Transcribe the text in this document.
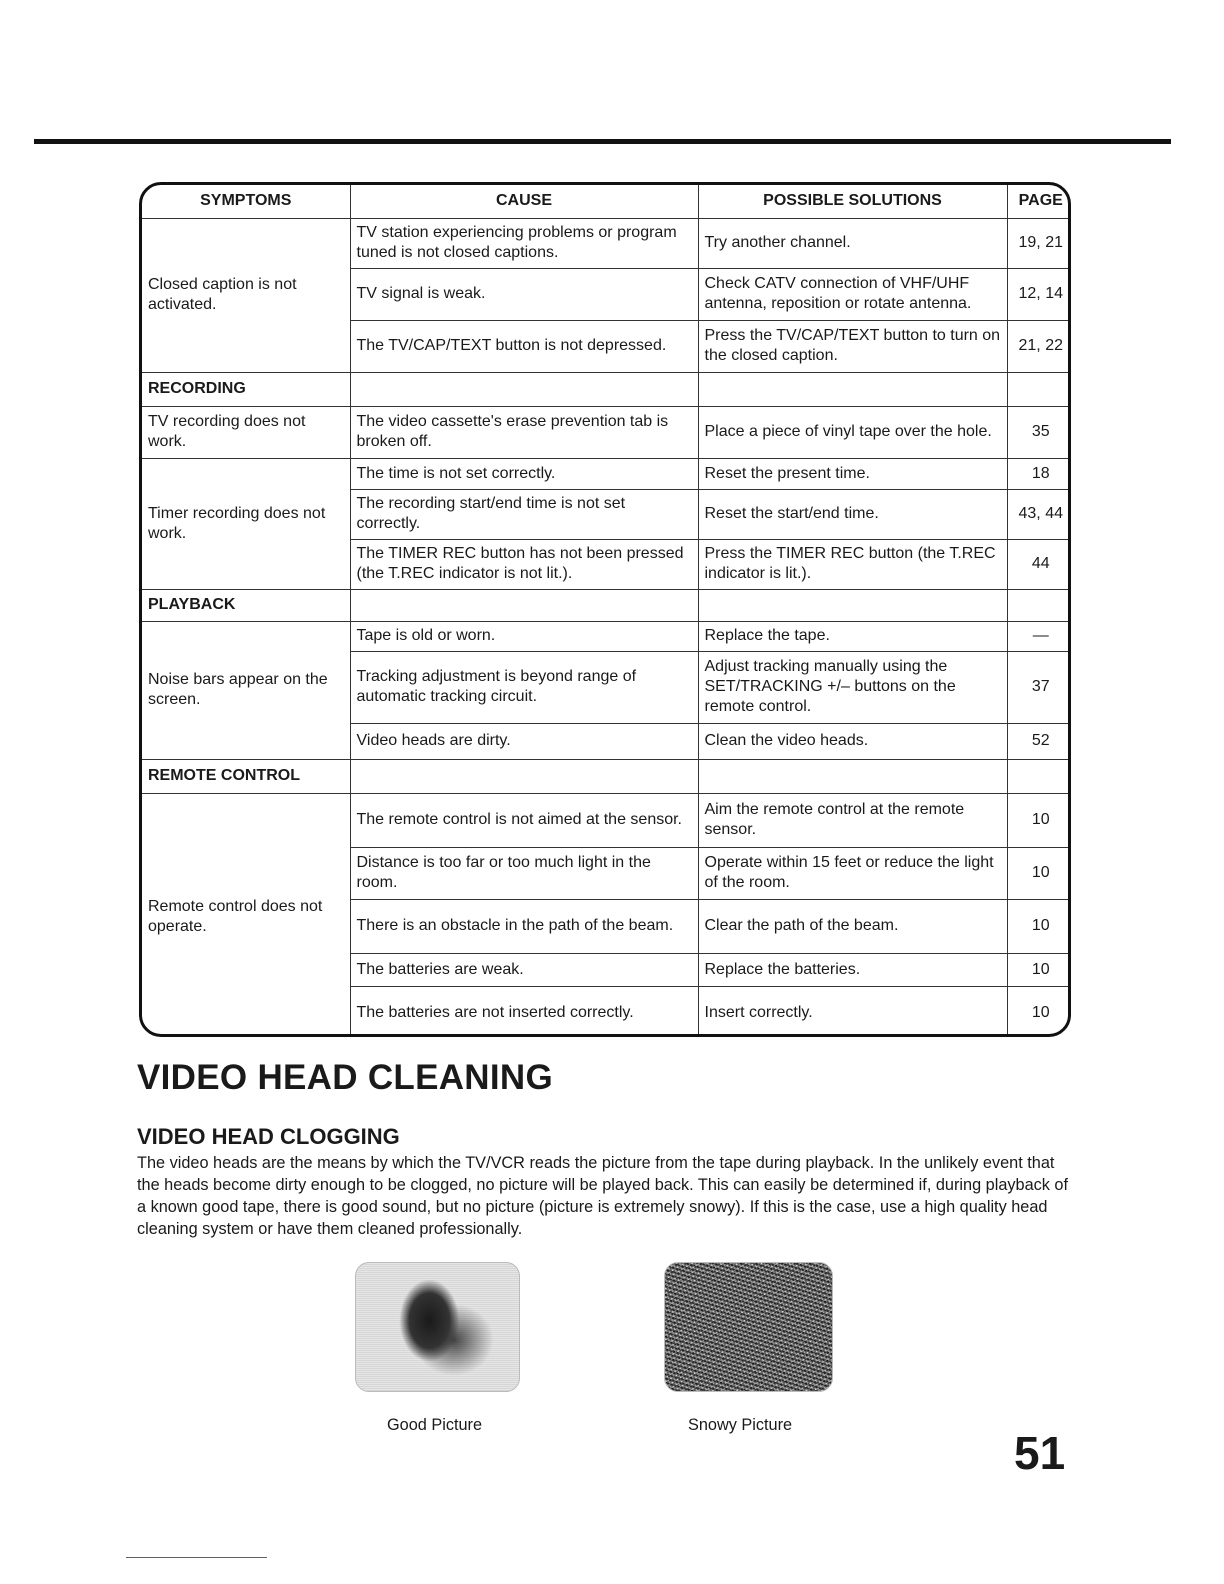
SYMPTOMS	CAUSE	POSSIBLE SOLUTIONS	PAGE
Closed caption is not activated.	TV station experiencing problems or program tuned is not closed captions.	Try another channel.	19, 21
	TV signal is weak.	Check CATV connection of VHF/UHF antenna, reposition or rotate antenna.	12, 14
	The TV/CAP/TEXT button is not depressed.	Press the TV/CAP/TEXT button to turn on the closed caption.	21, 22
RECORDING			
TV recording does not work.	The video cassette's erase prevention tab is broken off.	Place a piece of vinyl tape over the hole.	35
Timer recording does not work.	The time is not set correctly.	Reset the present time.	18
	The recording start/end time is not set correctly.	Reset the start/end time.	43, 44
	The TIMER REC button has not been pressed (the T.REC indicator is not lit.).	Press the TIMER REC button (the T.REC indicator is lit.).	44
PLAYBACK			
Noise bars appear on the screen.	Tape is old or worn.	Replace the tape.	—
	Tracking adjustment is beyond range of automatic tracking circuit.	Adjust tracking manually using the SET/TRACKING +/– buttons on the remote control.	37
	Video heads are dirty.	Clean the video heads.	52
REMOTE CONTROL			
Remote control does not operate.	The remote control is not aimed at the sensor.	Aim the remote control at the remote sensor.	10
	Distance is too far or too much light in the room.	Operate within 15 feet or reduce the light of the room.	10
	There is an obstacle in the path of the beam.	Clear the path of the beam.	10
	The batteries are weak.	Replace the batteries.	10
	The batteries are not inserted correctly.	Insert correctly.	10
VIDEO HEAD CLEANING
VIDEO HEAD CLOGGING

The video heads are the means by which the TV/VCR reads the picture from the tape during playback. In the unlikely event that the heads become dirty enough to be clogged, no picture will be played back. This can easily be determined if, during playback of a known good tape, there is good sound, but no picture (picture is extremely snowy). If this is the case, use a high quality head cleaning system or have them cleaned professionally.

Good Picture	Snowy Picture
51
